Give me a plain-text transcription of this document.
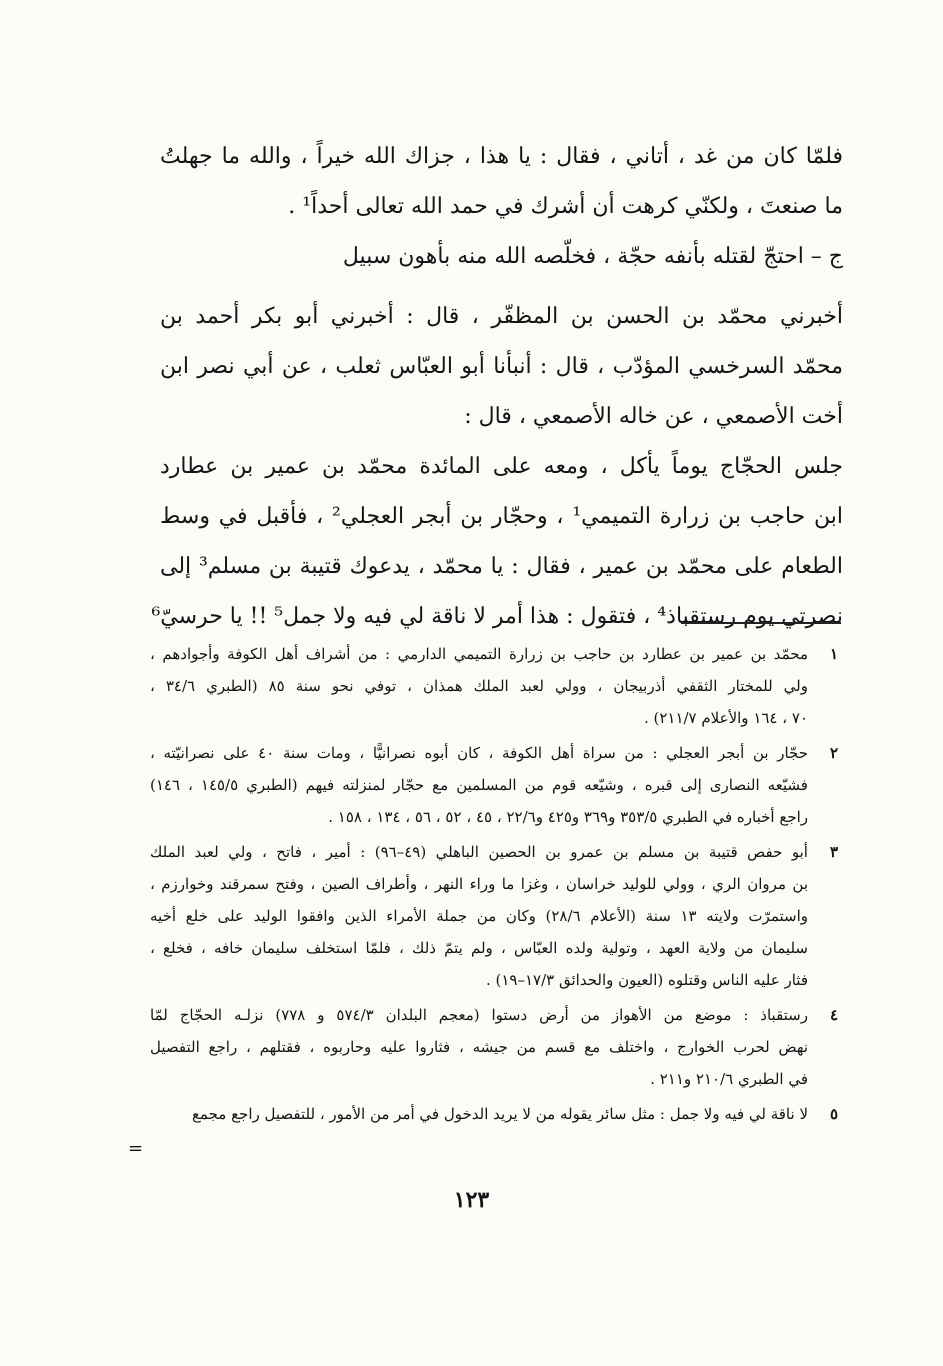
فلمّا كان من غد ، أتاني ، فقال : يا هذا ، جزاك الله خيراً ، والله ما جهلتُ
ما صنعتَ ، ولكنّي كرهت أن أشرك في حمد الله تعالى أحداً¹ .
ج – احتجّ لقتله بأنفه حجّة ، فخلّصه الله منه بأهون سبيل
أخبرني محمّد بن الحسن بن المظفّر ، قال : أخبرني أبو بكر أحمد بن
محمّد السرخسي المؤدّب ، قال : أنبأنا أبو العبّاس ثعلب ، عن أبي نصر ابن
أخت الأصمعي ، عن خاله الأصمعي ، قال :
جلس الحجّاج يوماً يأكل ، ومعه على المائدة محمّد بن عمير بن عطارد
ابن حاجب بن زرارة التميمي¹ ، وحجّار بن أبجر العجلي² ، فأقبل في وسط
الطعام على محمّد بن عمير ، فقال : يا محمّد ، يدعوك قتيبة بن مسلم³ إلى
نصرتي يوم رستقباذ⁴ ، فتقول : هذا أمر لا ناقة لي فيه ولا جمل⁵ !! يا حرسيّ⁶
١
محمّد بن عمير بن عطارد بن حاجب بن زرارة التميمي الدارمي : من أشراف أهل الكوفة وأجوادهم ،
ولي للمختار الثقفي أذربيجان ، وولي لعبد الملك همذان ، توفي نحو سنة ٨٥ (الطبري ٣٤/٦ ،
٧٠ ، ١٦٤ والأعلام ٢١١/٧) .
٢
حجّار بن أبجر العجلي : من سراة أهل الكوفة ، كان أبوه نصرانيًّا ، ومات سنة ٤٠ على نصرانيّته ،
فشيّعه النصارى إلى قبره ، وشيّعه قوم من المسلمين مع حجّار لمنزلته فيهم (الطبري ١٤٥/٥ ، ١٤٦)
راجع أخباره في الطبري ٣٥٣/٥ و٣٦٩ و٤٢٥ و٢٢/٦ ، ٤٥ ، ٥٢ ، ٥٦ ، ١٣٤ ، ١٥٨ .
٣
أبو حفص قتيبة بن مسلم بن عمرو بن الحصين الباهلي (٤٩–٩٦) : أمير ، فاتح ، ولي لعبد الملك
بن مروان الري ، وولي للوليد خراسان ، وغزا ما وراء النهر ، وأطراف الصين ، وفتح سمرقند وخوارزم ،
واستمرّت ولايته ١٣ سنة (الأعلام ٢٨/٦) وكان من جملة الأمراء الذين وافقوا الوليد على خلع أخيه
سليمان من ولاية العهد ، وتولية ولده العبّاس ، ولم يتمّ ذلك ، فلمّا استخلف سليمان خافه ، فخلع ،
فثار عليه الناس وقتلوه (العيون والحدائق ١٧/٣–١٩) .
٤
رستقباذ : موضع من الأهواز من أرض دستوا (معجم البلدان ٥٧٤/٣ و ٧٧٨) نزلـه الحجّاج لمّا
نهض لحرب الخوارج ، واختلف مع قسم من جيشه ، فثاروا عليه وحاربوه ، فقتلهم ، راجع التفصيل
في الطبري ٢١٠/٦ و٢١١ .
٥
لا ناقة لي فيه ولا جمل : مثل سائر يقوله من لا يريد الدخول في أمر من الأمور ، للتفصيل راجع مجمع
=
١٢٣
